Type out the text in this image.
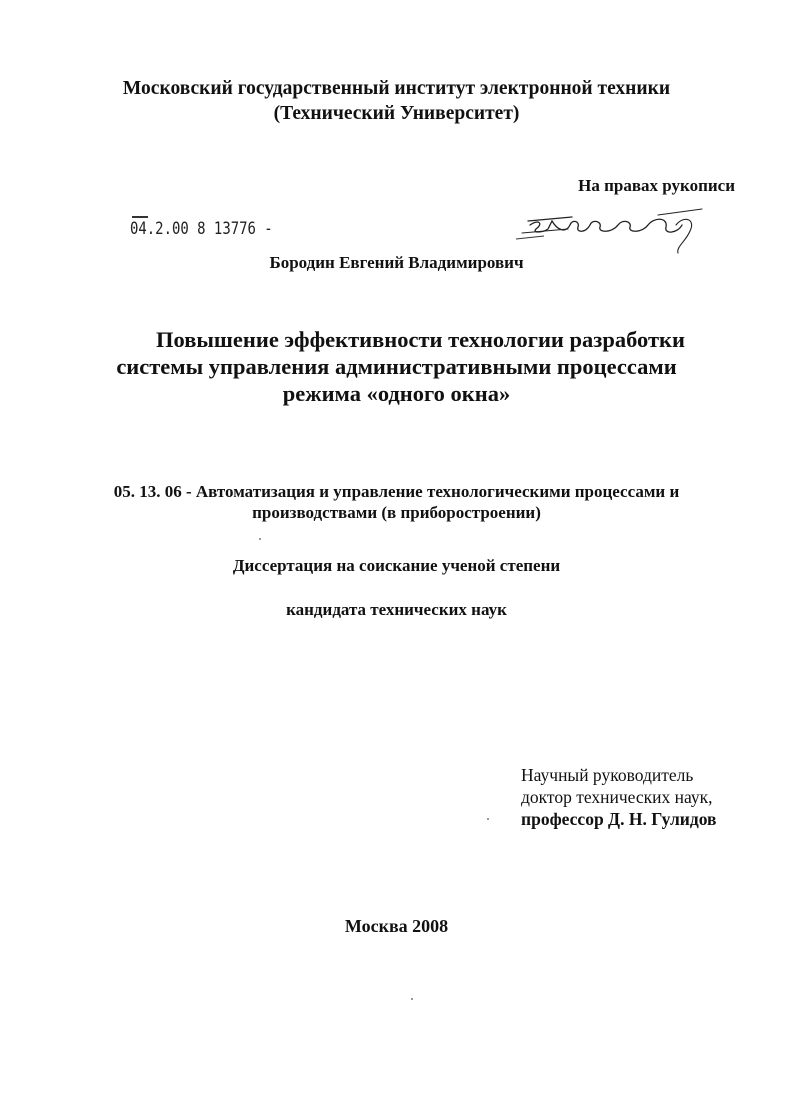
Московский государственный институт электронной техники
(Технический Университет)
На правах рукописи
04.2.00 8 13776 -
Бородин Евгений Владимирович
Повышение эффективности технологии разработки
системы управления административными процессами
режима «одного окна»
05. 13. 06 - Автоматизация и управление технологическими процессами и
производствами (в приборостроении)
Диссертация на соискание ученой степени
кандидата технических наук
Научный руководитель
доктор технических наук,
профессор Д. Н. Гулидов
Москва 2008
